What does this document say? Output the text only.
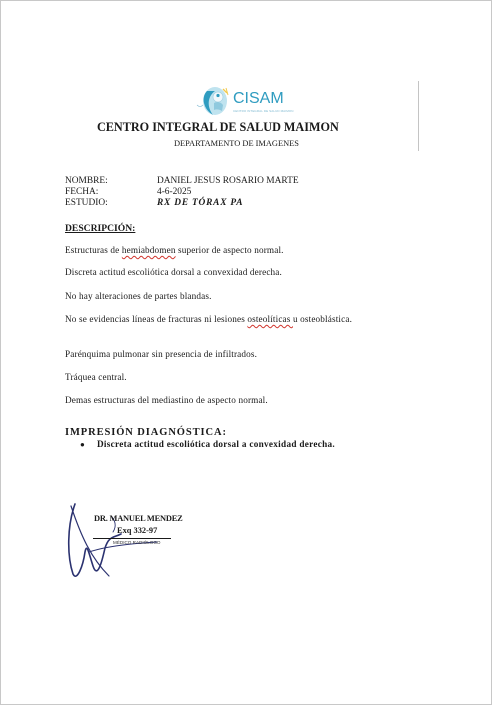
CISAM
CENTRO INTEGRAL DE SALUD MAIMON
CENTRO INTEGRAL DE SALUD MAIMON
DEPARTAMENTO DE IMAGENES
NOMBRE:	DANIEL JESUS ROSARIO MARTE
FECHA:	4-6-2025
ESTUDIO:	RX DE TÓRAX PA
DESCRIPCIÓN:
Estructuras de hemiabdomen superior de aspecto normal.
Discreta actitud escoliótica dorsal a convexidad derecha.
No hay alteraciones de partes blandas.
No se evidencias líneas de fracturas ni lesiones osteolíticas u osteoblástica.
Parénquima pulmonar sin presencia de infiltrados.
Tráquea central.
Demas estructuras del mediastino de aspecto normal.
IMPRESIÓN DIAGNÓSTICA:
● Discreta actitud escoliótica dorsal a convexidad derecha.
DR. MANUEL MENDEZ
Exq 332-97
MÉDICO RADIÓLOGO
